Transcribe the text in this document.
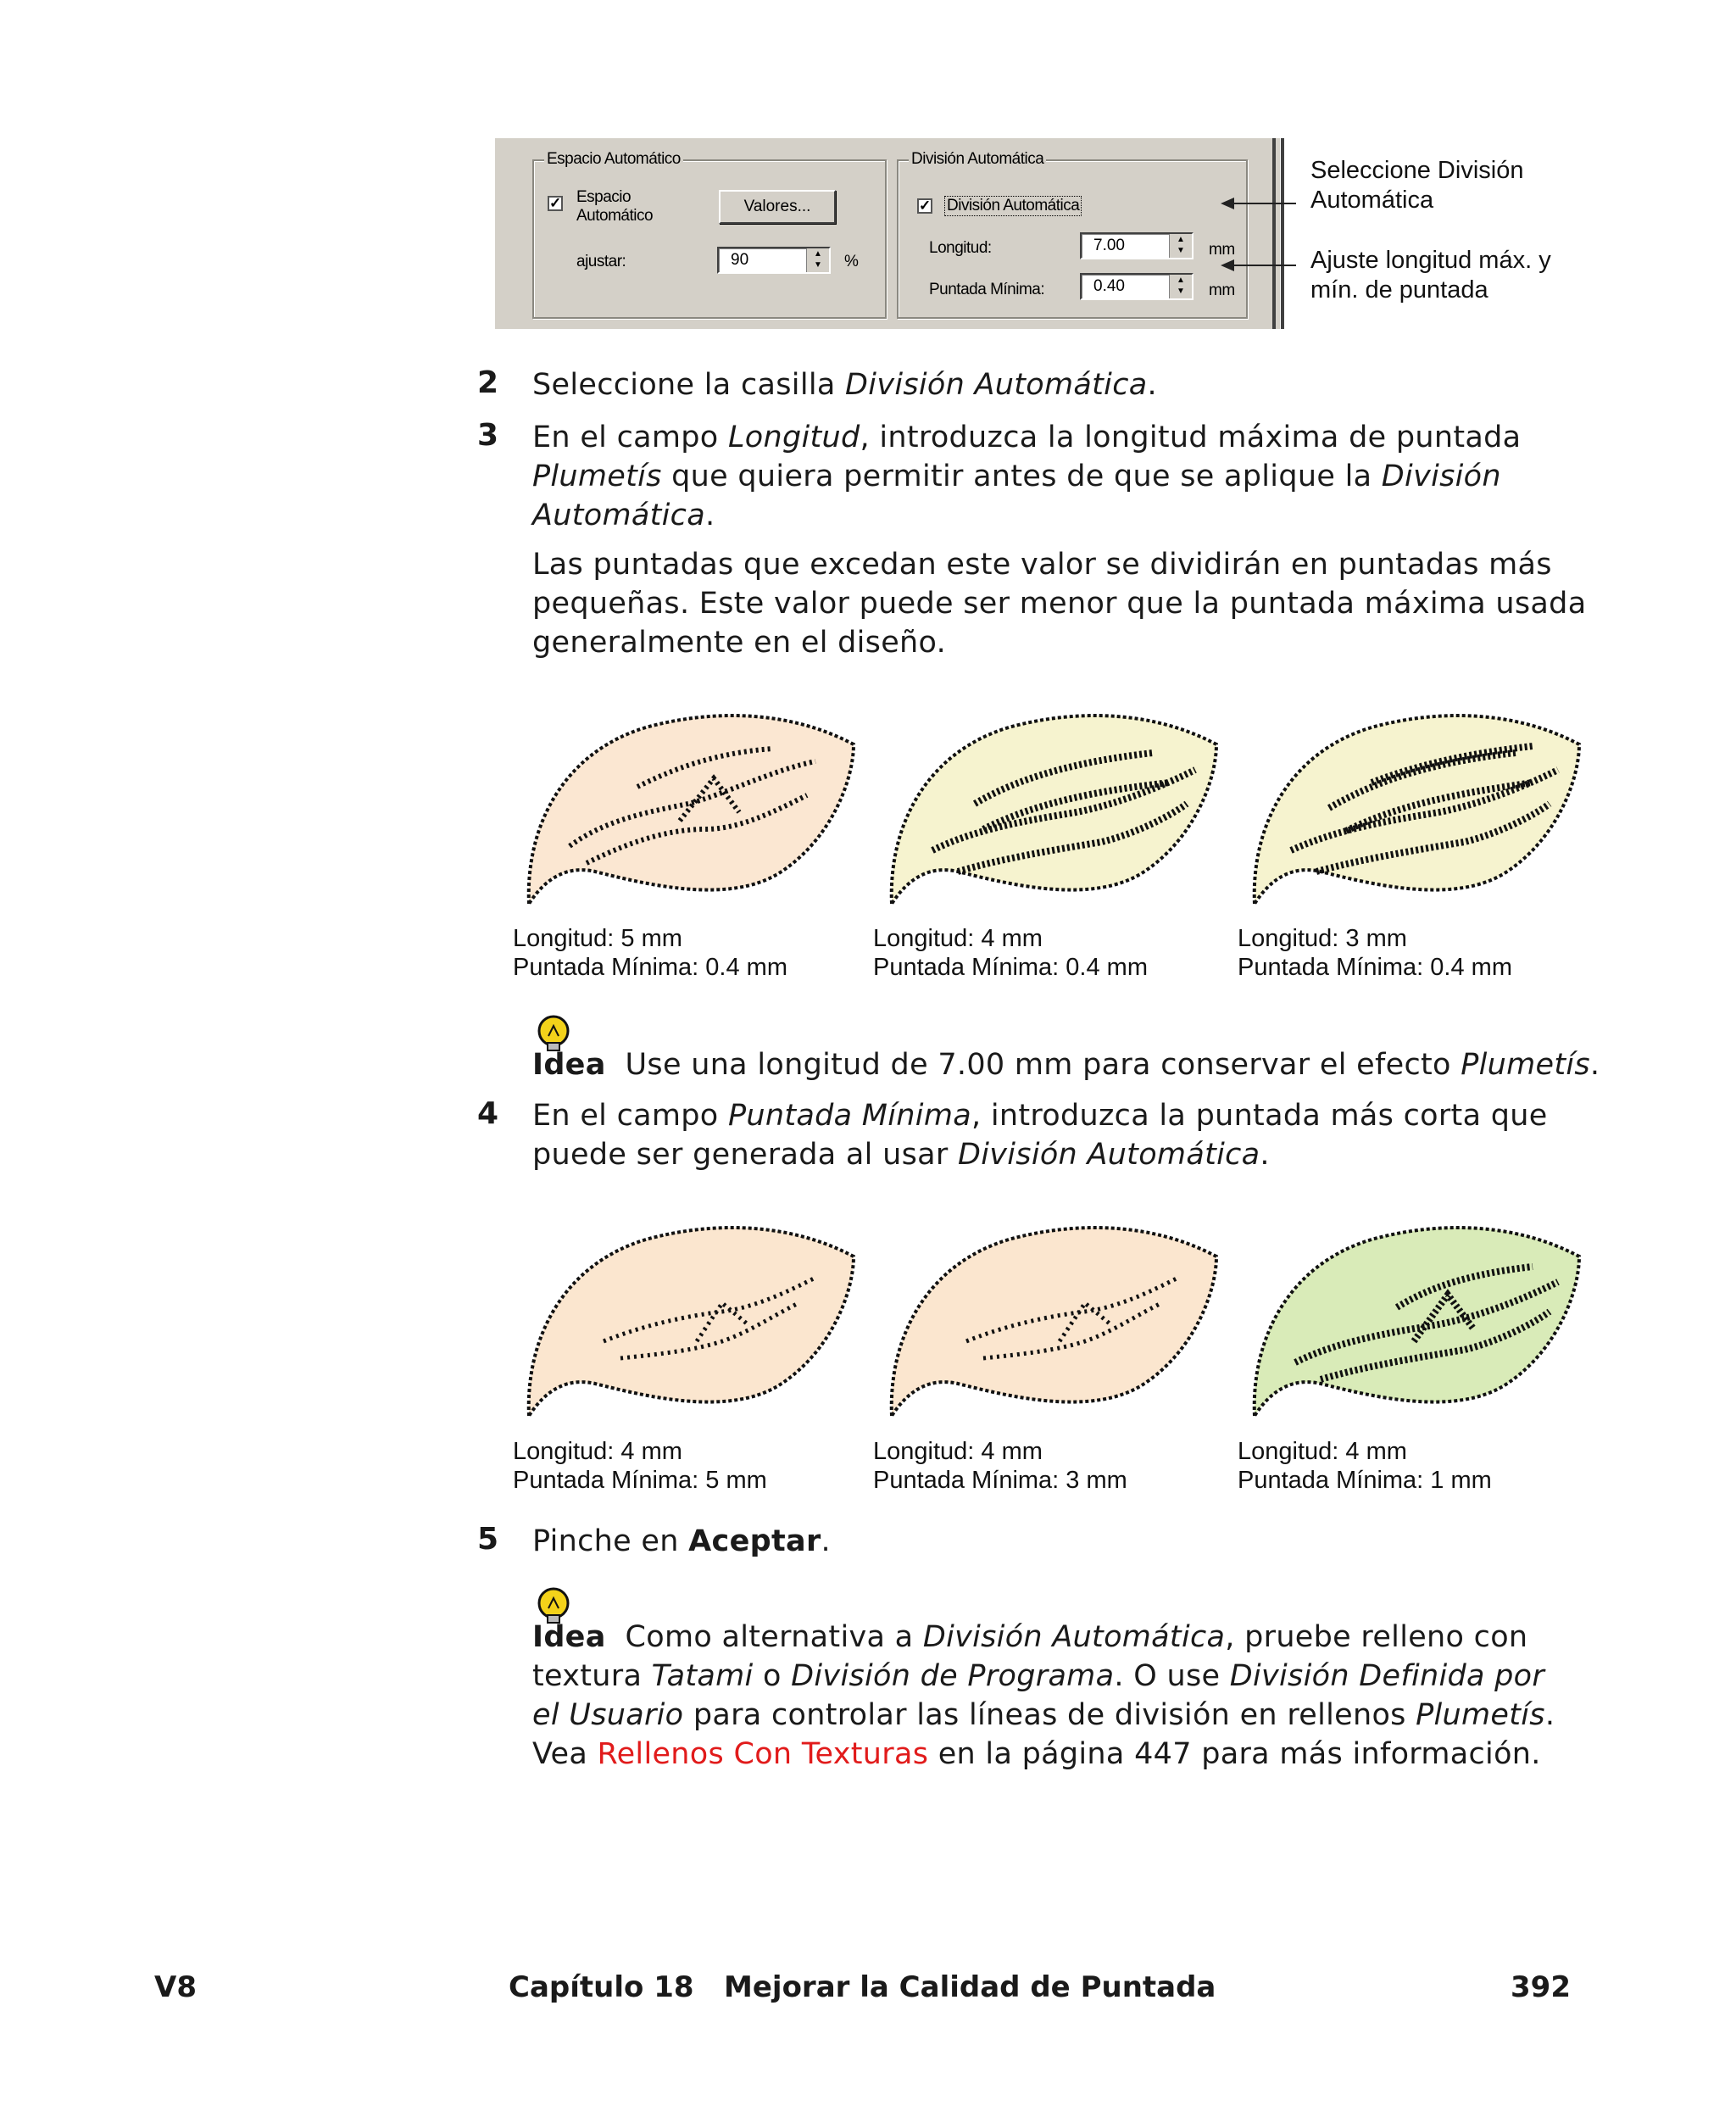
Espacio Automático
✓ Espacio
Automático
Valores...
ajustar:	90	▲
▼	%
División Automática
✓ División Automática
Longitud:	7.00	▲
▼	mm
Puntada Mínima:	0.40	▲
▼	mm
Seleccione División
Automática
Ajuste longitud máx. y
mín. de puntada
2 Seleccione la casilla División Automática.
3 En el campo Longitud, introduzca la longitud máxima de puntada
Plumetís que quiera permitir antes de que se aplique la División
Automática.
Las puntadas que excedan este valor se dividirán en puntadas más
pequeñas. Este valor puede ser menor que la puntada máxima usada
generalmente en el diseño.
Longitud: 5 mm
Puntada Mínima: 0.4 mm
Longitud: 4 mm
Puntada Mínima: 0.4 mm
Longitud: 3 mm
Puntada Mínima: 0.4 mm
Idea Use una longitud de 7.00 mm para conservar el efecto Plumetís.
4 En el campo Puntada Mínima, introduzca la puntada más corta que
puede ser generada al usar División Automática.
Longitud: 4 mm
Puntada Mínima: 5 mm
Longitud: 4 mm
Puntada Mínima: 3 mm
Longitud: 4 mm
Puntada Mínima: 1 mm
5 Pinche en Aceptar.
Idea Como alternativa a División Automática, pruebe relleno con
textura Tatami o División de Programa. O use División Definida por
el Usuario para controlar las líneas de división en rellenos Plumetís.
Vea Rellenos Con Texturas en la página 447 para más información.
V8	Capítulo 18   Mejorar la Calidad de Puntada	392
